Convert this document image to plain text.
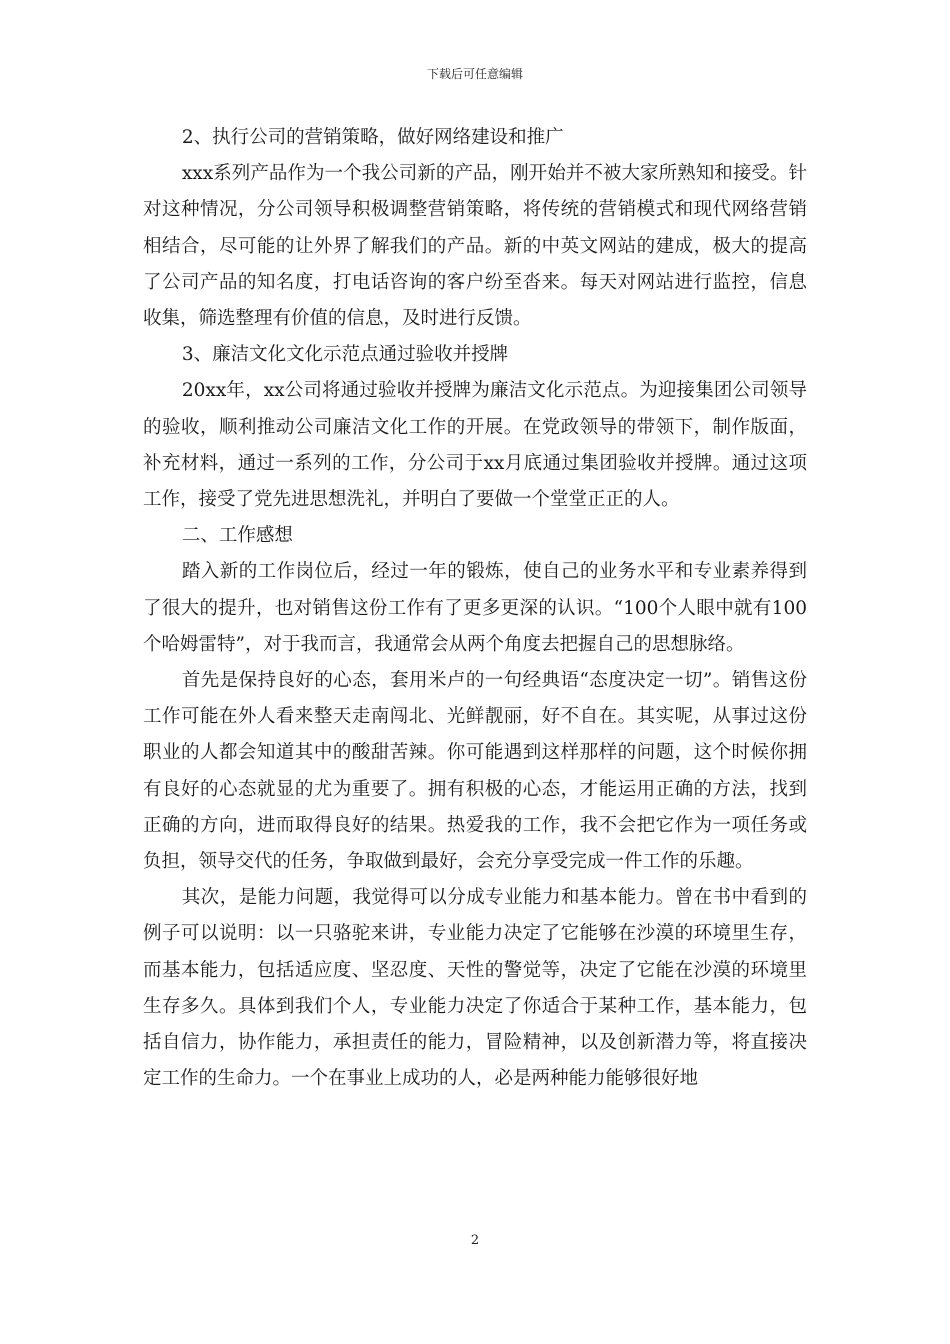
下载后可任意编辑

2、执行公司的营销策略，做好网络建设和推广

xxx系列产品作为一个我公司新的产品，刚开始并不被大家所熟知和接受。针对这种情况，分公司领导积极调整营销策略，将传统的营销模式和现代网络营销相结合，尽可能的让外界了解我们的产品。新的中英文网站的建成，极大的提高了公司产品的知名度，打电话咨询的客户纷至沓来。每天对网站进行监控，信息收集，筛选整理有价值的信息，及时进行反馈。

3、廉洁文化文化示范点通过验收并授牌

20xx年，xx公司将通过验收并授牌为廉洁文化示范点。为迎接集团公司领导的验收，顺利推动公司廉洁文化工作的开展。在党政领导的带领下，制作版面，补充材料，通过一系列的工作，分公司于xx月底通过集团验收并授牌。通过这项工作，接受了党先进思想洗礼，并明白了要做一个堂堂正正的人。

二、工作感想

踏入新的工作岗位后，经过一年的锻炼，使自己的业务水平和专业素养得到了很大的提升，也对销售这份工作有了更多更深的认识。“100个人眼中就有100个哈姆雷特”，对于我而言，我通常会从两个角度去把握自己的思想脉络。

首先是保持良好的心态，套用米卢的一句经典语“态度决定一切”。销售这份工作可能在外人看来整天走南闯北、光鲜靓丽，好不自在。其实呢，从事过这份职业的人都会知道其中的酸甜苦辣。你可能遇到这样那样的问题，这个时候你拥有良好的心态就显的尤为重要了。拥有积极的心态，才能运用正确的方法，找到正确的方向，进而取得良好的结果。热爱我的工作，我不会把它作为一项任务或负担，领导交代的任务，争取做到最好，会充分享受完成一件工作的乐趣。

其次，是能力问题，我觉得可以分成专业能力和基本能力。曾在书中看到的例子可以说明：以一只骆驼来讲，专业能力决定了它能够在沙漠的环境里生存，而基本能力，包括适应度、坚忍度、天性的警觉等，决定了它能在沙漠的环境里生存多久。具体到我们个人，专业能力决定了你适合于某种工作，基本能力，包括自信力，协作能力，承担责任的能力，冒险精神，以及创新潜力等，将直接决定工作的生命力。一个在事业上成功的人，必是两种能力能够很好地

2
